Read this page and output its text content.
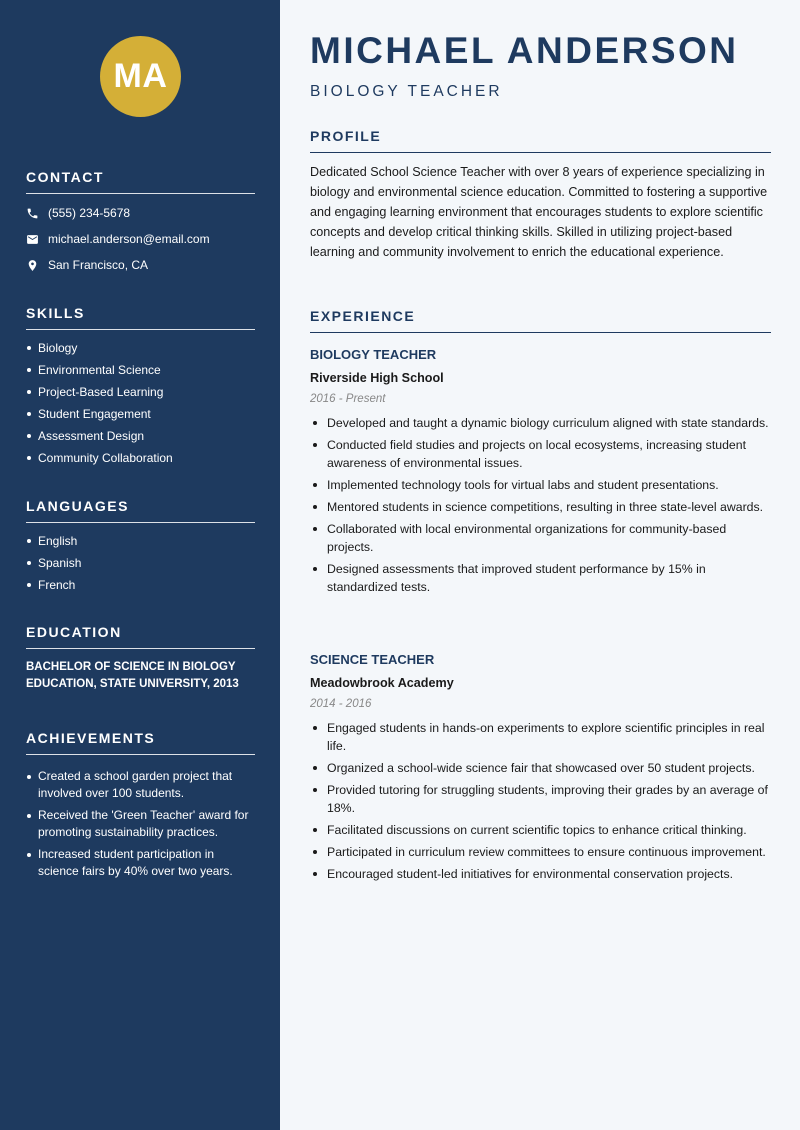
MA
CONTACT
(555) 234-5678
michael.anderson@email.com
San Francisco, CA
SKILLS
Biology
Environmental Science
Project-Based Learning
Student Engagement
Assessment Design
Community Collaboration
LANGUAGES
English
Spanish
French
EDUCATION

BACHELOR OF SCIENCE IN BIOLOGY EDUCATION, STATE UNIVERSITY, 2013

ACHIEVEMENTS
Created a school garden project that involved over 100 students.
Received the 'Green Teacher' award for promoting sustainability practices.
Increased student participation in science fairs by 40% over two years.
MICHAEL ANDERSON
BIOLOGY TEACHER
PROFILE

Dedicated School Science Teacher with over 8 years of experience specializing in biology and environmental science education. Committed to fostering a supportive and engaging learning environment that encourages students to explore scientific concepts and develop critical thinking skills. Skilled in utilizing project-based learning and community involvement to enrich the educational experience.

EXPERIENCE
BIOLOGY TEACHER
Riverside High School
2016 - Present
Developed and taught a dynamic biology curriculum aligned with state standards.
Conducted field studies and projects on local ecosystems, increasing student awareness of environmental issues.
Implemented technology tools for virtual labs and student presentations.
Mentored students in science competitions, resulting in three state-level awards.
Collaborated with local environmental organizations for community-based projects.
Designed assessments that improved student performance by 15% in standardized tests.
SCIENCE TEACHER
Meadowbrook Academy
2014 - 2016
Engaged students in hands-on experiments to explore scientific principles in real life.
Organized a school-wide science fair that showcased over 50 student projects.
Provided tutoring for struggling students, improving their grades by an average of 18%.
Facilitated discussions on current scientific topics to enhance critical thinking.
Participated in curriculum review committees to ensure continuous improvement.
Encouraged student-led initiatives for environmental conservation projects.
